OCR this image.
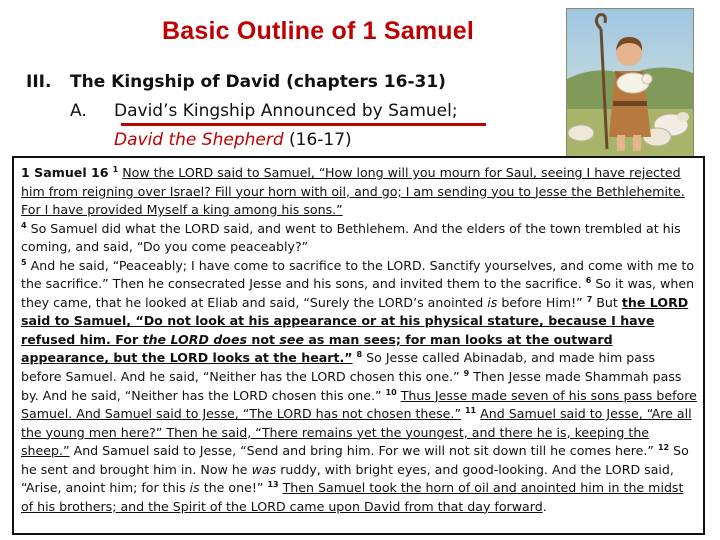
Basic Outline of 1 Samuel
III. The Kingship of David (chapters 16-31)
A. David’s Kingship Announced by Samuel;
David the Shepherd (16-17)
1 Samuel 16 $^1$ Now the LORD said to Samuel, “How long will you mourn for Saul, seeing I have rejected him from reigning over Israel? Fill your horn with oil, and go; I am sending you to Jesse the Bethlehemite. For I have provided Myself a king among his sons.”
$^4$ So Samuel did what the LORD said, and went to Bethlehem. And the elders of the town trembled at his coming, and said, “Do you come peaceably?”
$^5$ And he said, “Peaceably; I have come to sacrifice to the LORD. Sanctify yourselves, and come with me to the sacrifice.” Then he consecrated Jesse and his sons, and invited them to the sacrifice. $^6$ So it was, when they came, that he looked at Eliab and said, “Surely the LORD’s anointed is before Him!” $^7$ But the LORD said to Samuel, “Do not look at his appearance or at his physical stature, because I have refused him. For the LORD does not see as man sees; for man looks at the outward appearance, but the LORD looks at the heart.” $^8$ So Jesse called Abinadab, and made him pass before Samuel. And he said, “Neither has the LORD chosen this one.” $^9$ Then Jesse made Shammah pass by. And he said, “Neither has the LORD chosen this one.” $^{10}$ Thus Jesse made seven of his sons pass before Samuel. And Samuel said to Jesse, “The LORD has not chosen these.” $^{11}$ And Samuel said to Jesse, “Are all the young men here?” Then he said, “There remains yet the youngest, and there he is, keeping the sheep.” And Samuel said to Jesse, “Send and bring him. For we will not sit down till he comes here.” $^{12}$ So he sent and brought him in. Now he was ruddy, with bright eyes, and good-looking. And the LORD said, “Arise, anoint him; for this is the one!” $^{13}$ Then Samuel took the horn of oil and anointed him in the midst of his brothers; and the Spirit of the LORD came upon David from that day forward.
